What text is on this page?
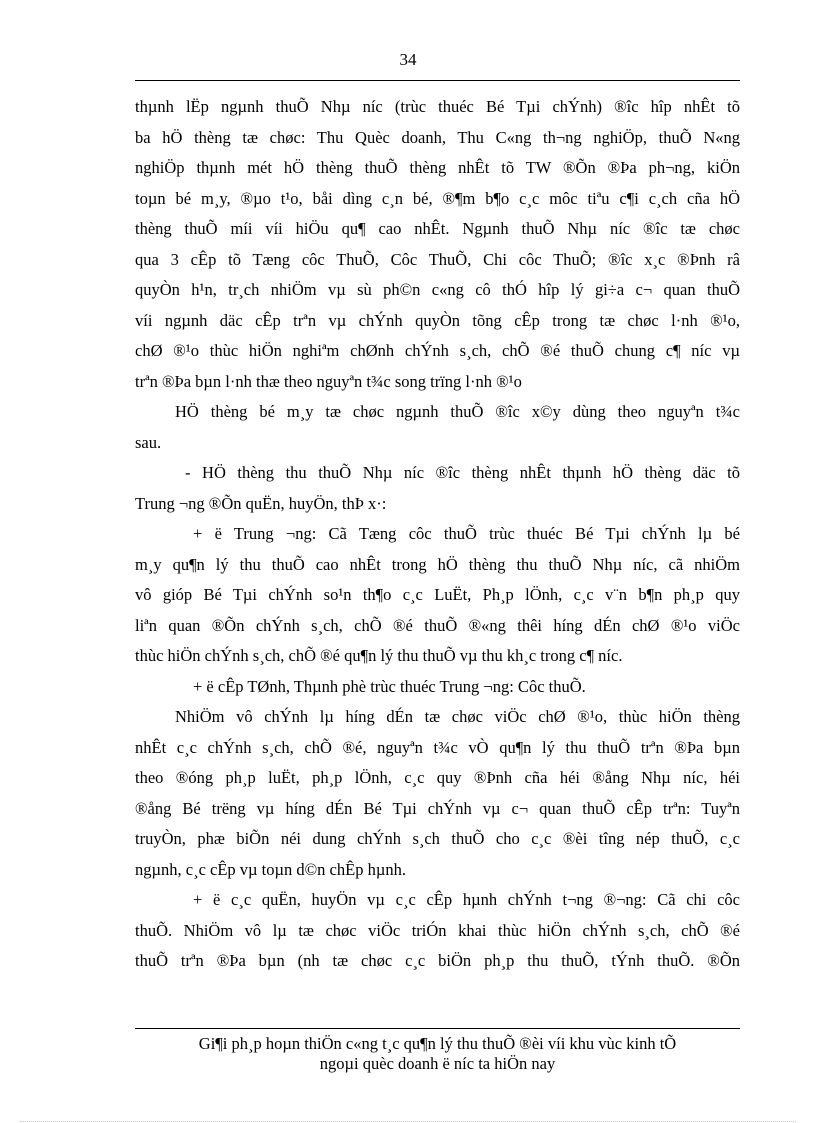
34
thµnh lËp ngµnh thuÕ Nhµ níc (trùc thuéc Bé Tµi chÝnh) ®îc hîp nhÊt tõ
ba hÖ thèng tæ chøc: Thu Quèc doanh, Thu C«ng th¬ng nghiÖp, thuÕ N«ng
nghiÖp thµnh mét hÖ thèng thuÕ thèng nhÊt tõ TW ®Õn ®Þa ph¬ng, kiÖn
toµn bé m¸y, ®µo t¹o, båi dìng c¸n bé, ®¶m b¶o c¸c môc tiªu c¶i c¸ch cña hÖ
thèng thuÕ míi víi hiÖu qu¶ cao nhÊt. Ngµnh thuÕ Nhµ níc ®îc tæ chøc
qua 3 cÊp tõ Tæng côc ThuÕ, Côc ThuÕ, Chi côc ThuÕ; ®îc x¸c ®Þnh râ
quyÒn h¹n, tr¸ch nhiÖm vµ sù ph©n c«ng cô thÓ hîp lý gi÷a c¬ quan thuÕ
víi ngµnh däc cÊp trªn vµ chÝnh quyÒn tõng cÊp trong tæ chøc l·nh ®¹o,
chØ ®¹o thùc hiÖn nghiªm chØnh chÝnh s¸ch, chÕ ®é thuÕ chung c¶ níc vµ
trªn ®Þa bµn l·nh thæ theo nguyªn t¾c song trïng l·nh ®¹o
HÖ thèng bé m¸y tæ chøc ngµnh thuÕ ®îc x©y dùng theo nguyªn t¾c
sau.
- HÖ thèng thu thuÕ Nhµ níc ®îc thèng nhÊt thµnh hÖ thèng däc tõ
Trung ¬ng ®Õn quËn, huyÖn, thÞ x·:
+ ë Trung ¬ng: Cã Tæng côc thuÕ trùc thuéc Bé Tµi chÝnh lµ bé
m¸y qu¶n lý thu thuÕ cao nhÊt trong hÖ thèng thu thuÕ Nhµ níc, cã nhiÖm
vô gióp Bé Tµi chÝnh so¹n th¶o c¸c LuËt, Ph¸p lÖnh, c¸c v¨n b¶n ph¸p quy
liªn quan ®Õn chÝnh s¸ch, chÕ ®é thuÕ ®«ng thêi híng dÉn chØ ®¹o viÖc
thùc hiÖn chÝnh s¸ch, chÕ ®é qu¶n lý thu thuÕ vµ thu kh¸c trong c¶ níc.
+ ë cÊp TØnh, Thµnh phè trùc thuéc Trung ¬ng: Côc thuÕ.
NhiÖm vô chÝnh lµ híng dÉn tæ chøc viÖc chØ ®¹o, thùc hiÖn thèng
nhÊt c¸c chÝnh s¸ch, chÕ ®é, nguyªn t¾c vÒ qu¶n lý thu thuÕ trªn ®Þa bµn
theo ®óng ph¸p luËt, ph¸p lÖnh, c¸c quy ®Þnh cña héi ®ång Nhµ níc, héi
®ång Bé trëng vµ híng dÉn Bé Tµi chÝnh vµ c¬ quan thuÕ cÊp trªn: Tuyªn
truyÒn, phæ biÕn néi dung chÝnh s¸ch thuÕ cho c¸c ®èi tîng nép thuÕ, c¸c
ngµnh, c¸c cÊp vµ toµn d©n chÊp hµnh.
+ ë c¸c quËn, huyÖn vµ c¸c cÊp hµnh chÝnh t¬ng ®¬ng: Cã chi côc
thuÕ. NhiÖm vô lµ tæ chøc viÖc triÓn khai thùc hiÖn chÝnh s¸ch, chÕ ®é
thuÕ trªn ®Þa bµn (nh tæ chøc c¸c biÖn ph¸p thu thuÕ, tÝnh thuÕ. ®Õn
Gi¶i ph¸p hoµn thiÖn c«ng t¸c qu¶n lý thu thuÕ ®èi víi khu vùc kinh tÕ
ngoµi quèc doanh ë níc ta hiÖn nay
